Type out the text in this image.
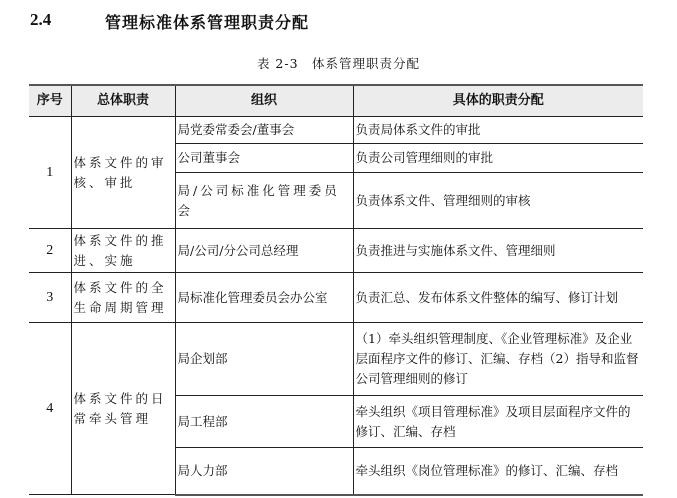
2.4	管理标准体系管理职责分配
表 2-3　体系管理职责分配
序号	总体职责	组织	具体的职责分配
1	体系文件的审核、审批	局党委常委会/董事会	负责局体系文件的审批
		公司董事会	负责公司管理细则的审批
		局/公司标准化管理委员会	负责体系文件、管理细则的审核
2	体系文件的推进、实施	局/公司/分公司总经理	负责推进与实施体系文件、管理细则
3	体系文件的全生命周期管理	局标准化管理委员会办公室	负责汇总、发布体系文件整体的编写、修订计划
4	体系文件的日常牵头管理	局企划部	（1）牵头组织管理制度、《企业管理标准》及企业层面程序文件的修订、汇编、存档（2）指导和监督公司管理细则的修订
		局工程部	牵头组织《项目管理标准》及项目层面程序文件的修订、汇编、存档
		局人力部	牵头组织《岗位管理标准》的修订、汇编、存档
